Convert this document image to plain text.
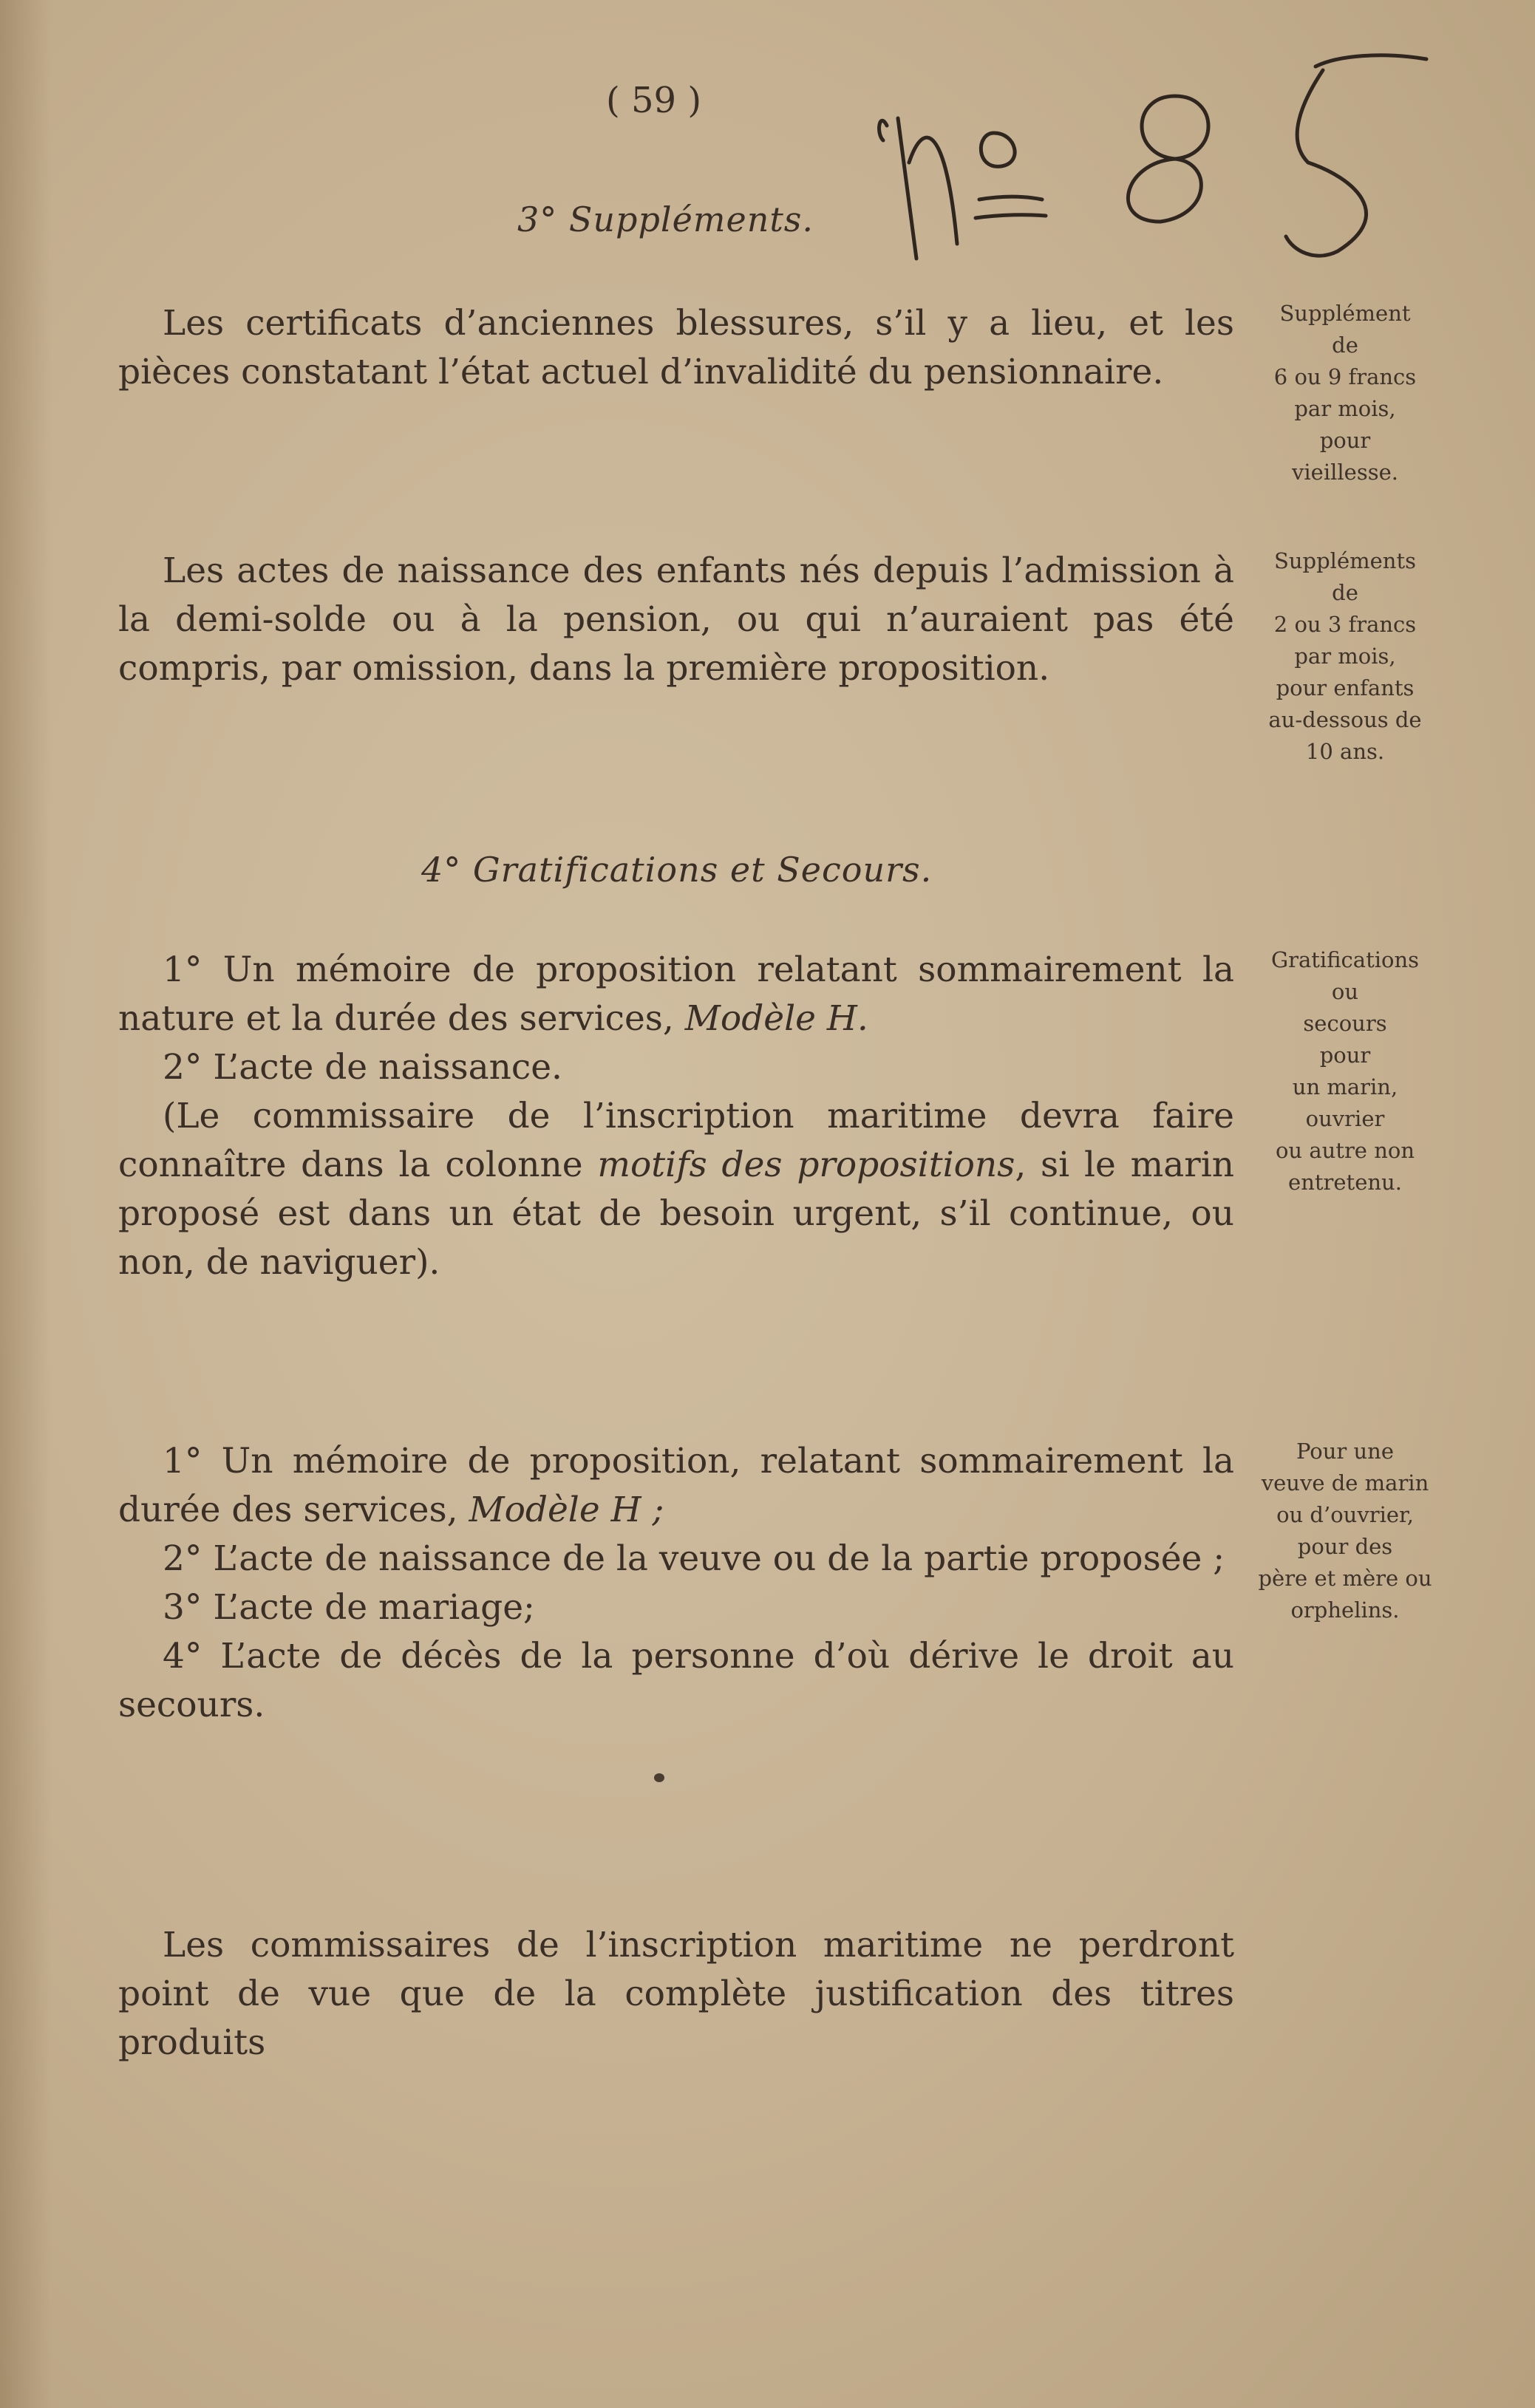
( 59 )
3° Suppléments.

Les certificats d’anciennes blessures, s’il y a lieu, et les pièces constatant l’état actuel d’invalidité du pensionnaire.

Supplément
de
6 ou 9 francs
par mois,
pour
vieillesse.

Les actes de naissance des enfants nés depuis l’admission à la demi-solde ou à la pension, ou qui n’auraient pas été compris, par omission, dans la première proposition.

Suppléments
de
2 ou 3 francs
par mois,
pour enfants
au-dessous de
10 ans.
4° Gratifications et Secours.

1° Un mémoire de proposition relatant sommairement la nature et la durée des services, Modèle H.

2° L’acte de naissance.

(Le commissaire de l’inscription maritime devra faire connaître dans la colonne motifs des propositions, si le marin proposé est dans un état de besoin urgent, s’il continue, ou non, de naviguer).

Gratifications
ou
secours
pour
un marin,
ouvrier
ou autre non
entretenu.

1° Un mémoire de proposition, relatant sommairement la durée des services, Modèle H ;

2° L’acte de naissance de la veuve ou de la partie proposée ;

3° L’acte de mariage;

4° L’acte de décès de la personne d’où dérive le droit au secours.

Pour une
veuve de marin
ou d’ouvrier,
pour des
père et mère ou
orphelins.

Les commissaires de l’inscription maritime ne perdront point de vue que de la complète justification des titres produits
